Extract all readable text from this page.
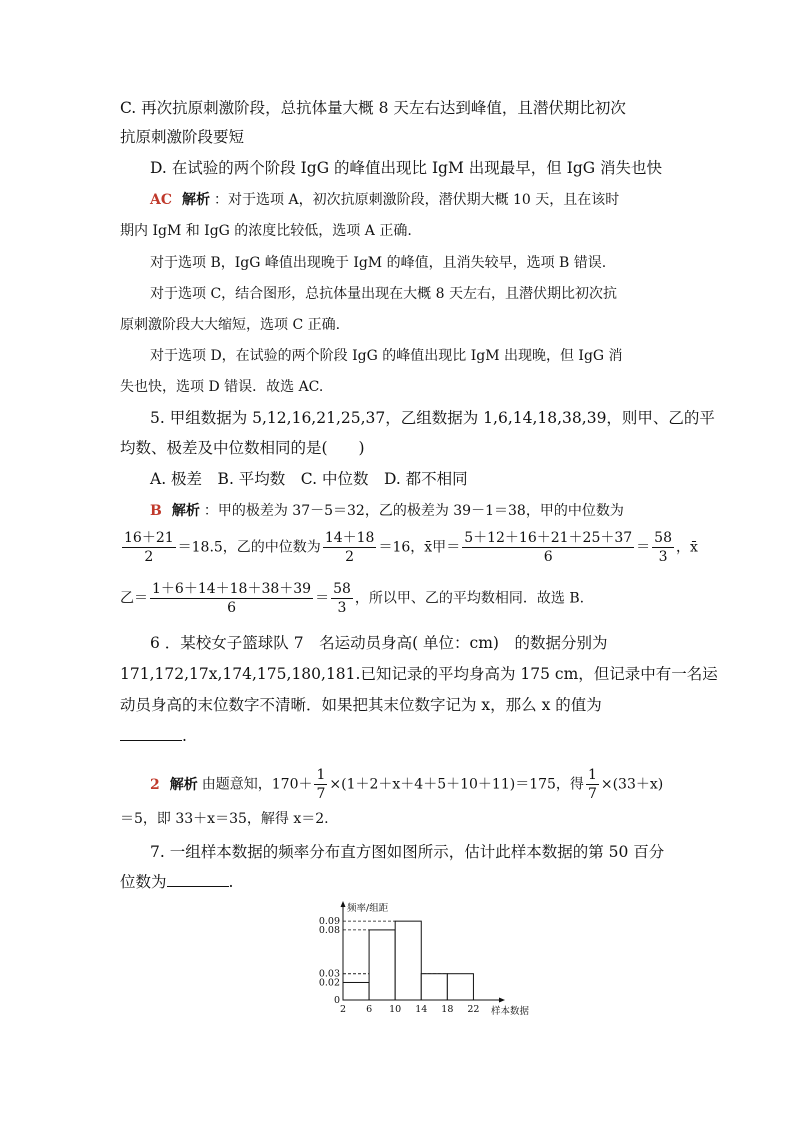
C. 再次抗原刺激阶段，总抗体量大概 8 天左右达到峰值，且潜伏期比初次
抗原刺激阶段要短
D. 在试验的两个阶段 IgG 的峰值出现比 IgM 出现最早，但 IgG 消失也快
AC 解析 ：对于选项 A，初次抗原刺激阶段，潜伏期大概 10 天，且在该时
期内 IgM 和 IgG 的浓度比较低，选项 A 正确.
对于选项 B，IgG 峰值出现晚于 IgM 的峰值，且消失较早，选项 B 错误.
对于选项 C，结合图形，总抗体量出现在大概 8 天左右，且潜伏期比初次抗
原刺激阶段大大缩短，选项 C 正确.
对于选项 D，在试验的两个阶段 IgG 的峰值出现比 IgM 出现晚，但 IgG 消
失也快，选项 D 错误．故选 AC.
5. 甲组数据为 5,12,16,21,25,37，乙组数据为 1,6,14,18,38,39，则甲、乙的平
均数、极差及中位数相同的是(　　)
A. 极差　B. 平均数　C. 中位数　D. 都不相同
B 解析 ：甲的极差为 37－5＝32，乙的极差为 39－1＝38，甲的中位数为
$\frac{16+21}{2} =18.5$，乙的中位数为 $\frac{14+18}{2} =16$，x̄甲＝ $\frac{5+12+16+21+25+37}{6} = \frac{58}{3}$ ，x̄
乙＝ $\frac{1+6+14+18+38+39}{6} = \frac{58}{3}$ ，所以甲、乙的平均数相同．故选 B.
6 ．某校女子篮球队 7　名运动员身高( 单位：cm)　的数据分别为
171,172,17x,174,175,180,181.已知记录的平均身高为 175 cm，但记录中有一名运
动员身高的末位数字不清晰．如果把其末位数字记为 x，那么 x 的值为
.
2 解析 由题意知，$170+ \frac{1}{7} \times(1+2+x+4+5+10+11)=175$，得 $\frac{1}{7} \times(33+x)$
＝5，即 33＋x＝35，解得 x＝2.
7. 一组样本数据的频率分布直方图如图所示，估计此样本数据的第 50 百分
位数为	.
2 6 10 14 18 22
0
0.02
0.03
0.08
0.09
频率/组距
样本数据
